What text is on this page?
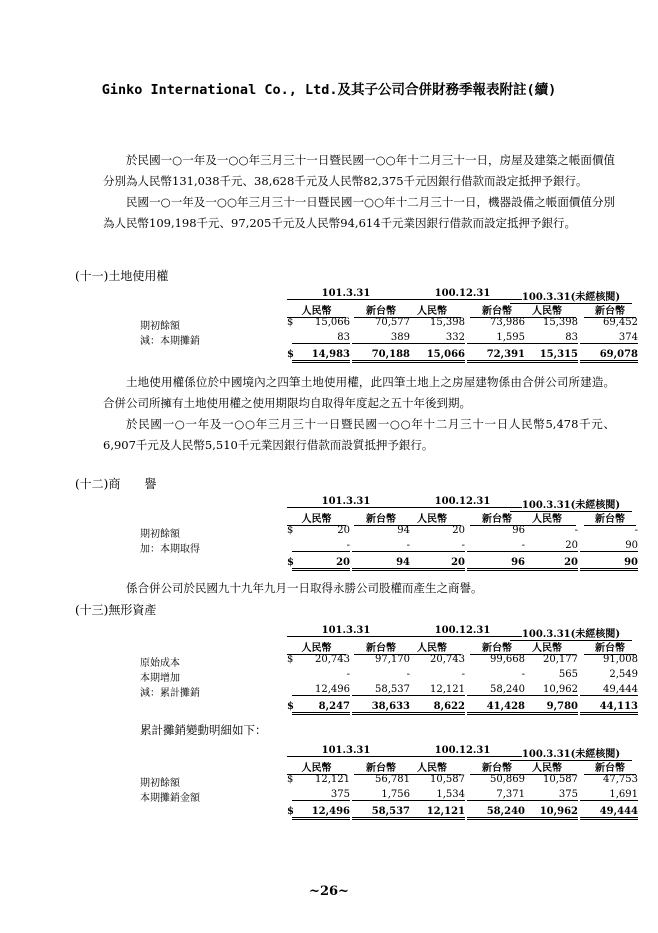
Ginko International Co., Ltd.及其子公司合併財務季報表附註(續)
於民國一○一年及一○○年三月三十一日暨民國一○○年十二月三十一日，房屋及建築之帳面價值分別為人民幣131,038千元、38,628千元及人民幣82,375千元因銀行借款而設定抵押予銀行。
民國一○一年及一○○年三月三十一日暨民國一○○年十二月三十一日，機器設備之帳面價值分別為人民幣109,198千元、97,205千元及人民幣94,614千元業因銀行借款而設定抵押予銀行。
(十一)土地使用權
101.3.31	100.12.31	100.3.31(未經核閱)
人民幣	新台幣	人民幣	新台幣	人民幣	新台幣
期初餘額	$	15,066	70,577	15,398	73,986	15,398	69,452
減：本期攤銷	83	389	332	1,595	83	374
$	14,983	70,188	15,066	72,391	15,315	69,078
土地使用權係位於中國境內之四筆土地使用權，此四筆土地上之房屋建物係由合併公司所建造。合併公司所擁有土地使用權之使用期限均自取得年度起之五十年後到期。
於民國一○一年及一○○年三月三十一日暨民國一○○年十二月三十一日人民幣5,478千元、6,907千元及人民幣5,510千元業因銀行借款而設質抵押予銀行。
(十二)商　　譽
101.3.31	100.12.31	100.3.31(未經核閱)
人民幣	新台幣	人民幣	新台幣	人民幣	新台幣
期初餘額	$	20	94	20	96	-	-
加：本期取得	-	-	-	-	20	90
$	20	94	20	96	20	90
係合併公司於民國九十九年九月一日取得永勝公司股權而產生之商譽。
(十三)無形資產
101.3.31	100.12.31	100.3.31(未經核閱)
人民幣	新台幣	人民幣	新台幣	人民幣	新台幣
原始成本	$	20,743	97,170	20,743	99,668	20,177	91,008
本期增加	-	-	-	-	565	2,549
減：累計攤銷	12,496	58,537	12,121	58,240	10,962	49,444
$	8,247	38,633	8,622	41,428	9,780	44,113
累計攤銷變動明細如下：
101.3.31	100.12.31	100.3.31(未經核閱)
人民幣	新台幣	人民幣	新台幣	人民幣	新台幣
期初餘額	$	12,121	56,781	10,587	50,869	10,587	47,753
本期攤銷金額	375	1,756	1,534	7,371	375	1,691
$	12,496	58,537	12,121	58,240	10,962	49,444
~26~
